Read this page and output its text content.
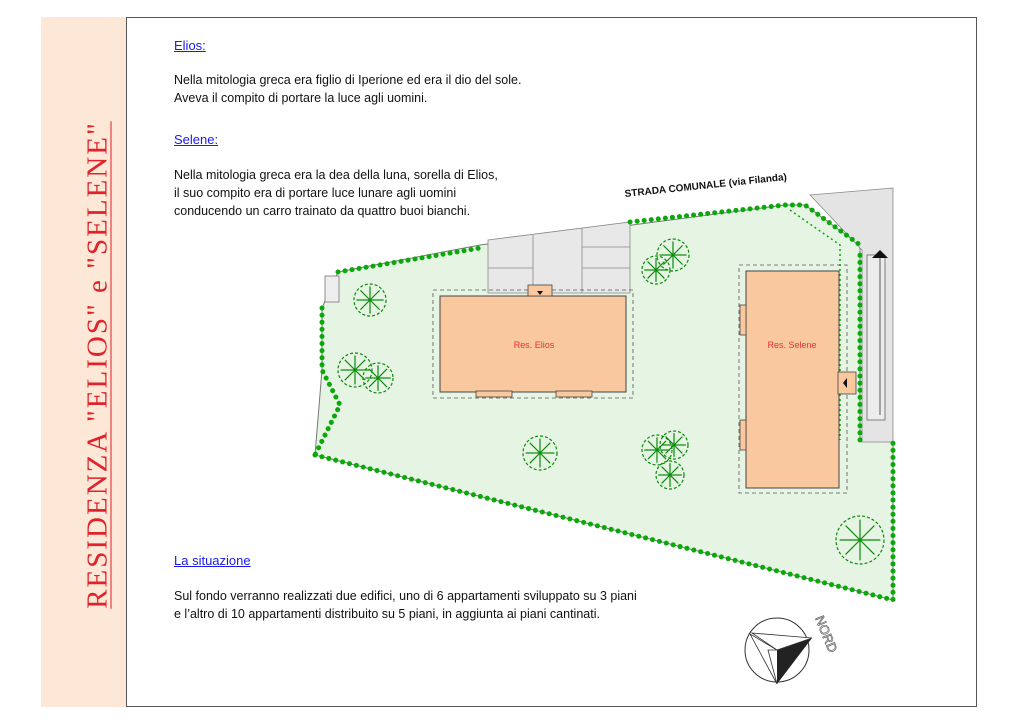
RESIDENZA "ELIOS" e "SELENE"
Elios:

Nella mitologia greca era figlio di Iperione ed era il dio del sole.
Aveva il compito di portare la luce agli uomini.

Selene:

Nella mitologia greca era la dea della luna, sorella di Elios,
il suo compito era di portare luce lunare agli uomini
conducendo un carro trainato da quattro buoi bianchi.

La situazione

Sul fondo verranno realizzati due edifici, uno di 6 appartamenti sviluppato su 3 piani
e l’altro di 10 appartamenti distribuito su 5 piani, in aggiunta ai piani cantinati.

STRADA COMUNALE (via Filanda)
Res. Elios	Res. Selene
NORD
